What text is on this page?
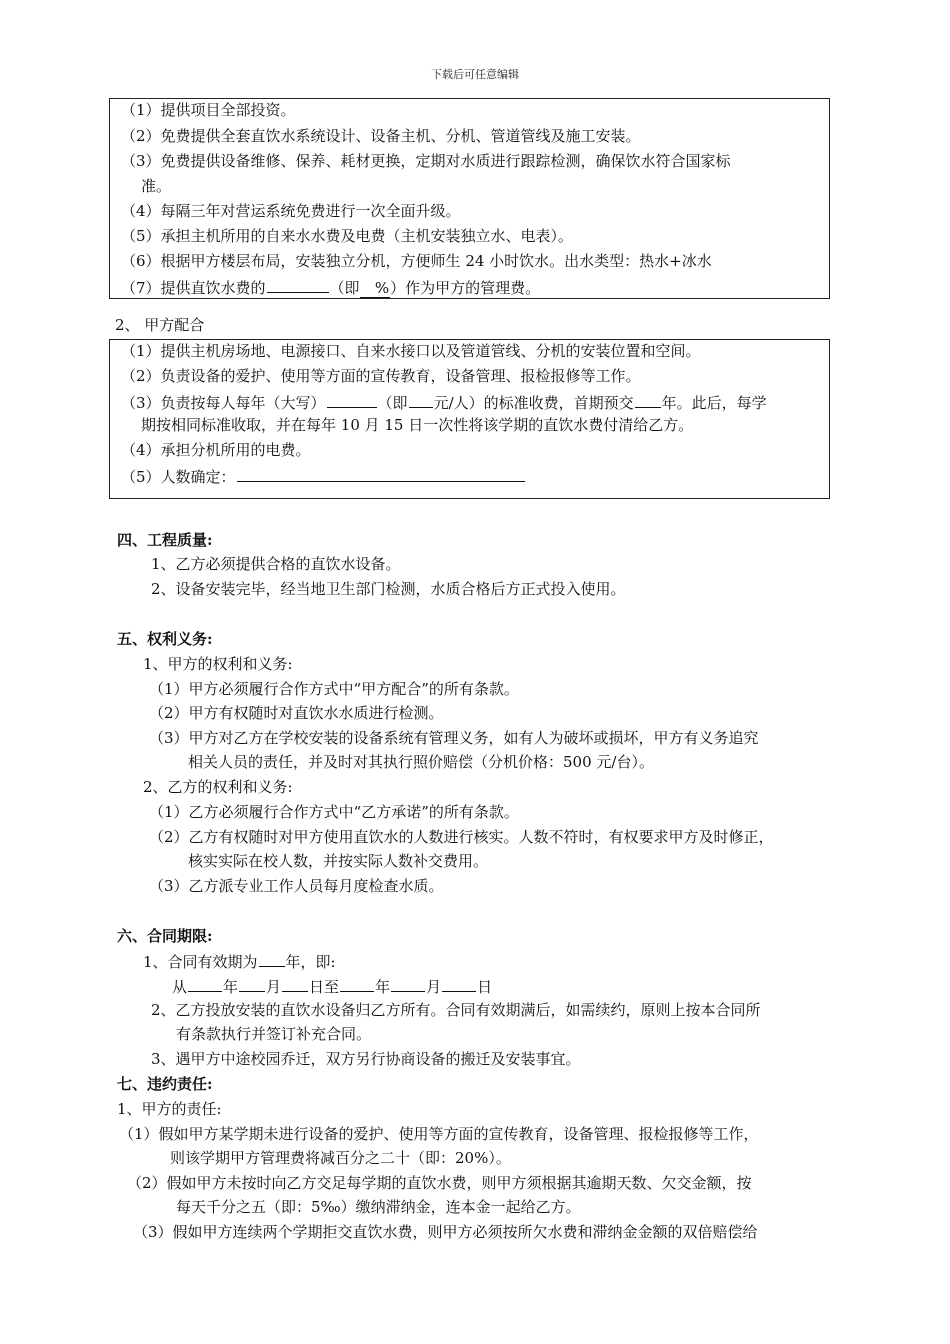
下载后可任意编辑
（1）提供项目全部投资。
（2）免费提供全套直饮水系统设计、设备主机、分机、管道管线及施工安装。
（3）免费提供设备维修、保养、耗材更换，定期对水质进行跟踪检测，确保饮水符合国家标
准。
（4）每隔三年对营运系统免费进行一次全面升级。
（5）承担主机所用的自来水水费及电费（主机安装独立水、电表）。
（6）根据甲方楼层布局，安装独立分机，方便师生 24 小时饮水。出水类型：热水+冰水
（7）提供直饮水费的	（即 %）作为甲方的管理费。
2、 甲方配合
（1）提供主机房场地、电源接口、自来水接口以及管道管线、分机的安装位置和空间。
（2）负责设备的爱护、使用等方面的宣传教育，设备管理、报检报修等工作。
（3）负责按每人每年（大写）	（即 元/人）的标准收费，首期预交 年。此后，每学
期按相同标准收取，并在每年 10 月 15 日一次性将该学期的直饮水费付清给乙方。
（4）承担分机所用的电费。
（5）人数确定：
四、工程质量:
1、乙方必须提供合格的直饮水设备。
2、设备安装完毕，经当地卫生部门检测，水质合格后方正式投入使用。
五、权利义务:
1、甲方的权利和义务:
（1）甲方必须履行合作方式中“甲方配合”的所有条款。
（2）甲方有权随时对直饮水水质进行检测。
（3）甲方对乙方在学校安装的设备系统有管理义务，如有人为破坏或损坏，甲方有义务追究
相关人员的责任，并及时对其执行照价赔偿（分机价格：500 元/台）。
2、乙方的权利和义务:
（1）乙方必须履行合作方式中“乙方承诺”的所有条款。
（2）乙方有权随时对甲方使用直饮水的人数进行核实。人数不符时，有权要求甲方及时修正，
核实实际在校人数，并按实际人数补交费用。
（3）乙方派专业工作人员每月度检查水质。
六、合同期限:
1、合同有效期为 年，即:
从 年 月 日至 年 月 日
2、乙方投放安装的直饮水设备归乙方所有。合同有效期满后，如需续约，原则上按本合同所
有条款执行并签订补充合同。
3、遇甲方中途校园乔迁，双方另行协商设备的搬迁及安装事宜。
七、违约责任:
1、甲方的责任:
（1）假如甲方某学期未进行设备的爱护、使用等方面的宣传教育，设备管理、报检报修等工作，
则该学期甲方管理费将减百分之二十（即：20%）。
（2）假如甲方未按时向乙方交足每学期的直饮水费，则甲方须根据其逾期天数、欠交金额，按
每天千分之五（即：5‰）缴纳滞纳金，连本金一起给乙方。
（3）假如甲方连续两个学期拒交直饮水费，则甲方必须按所欠水费和滞纳金金额的双倍赔偿给
